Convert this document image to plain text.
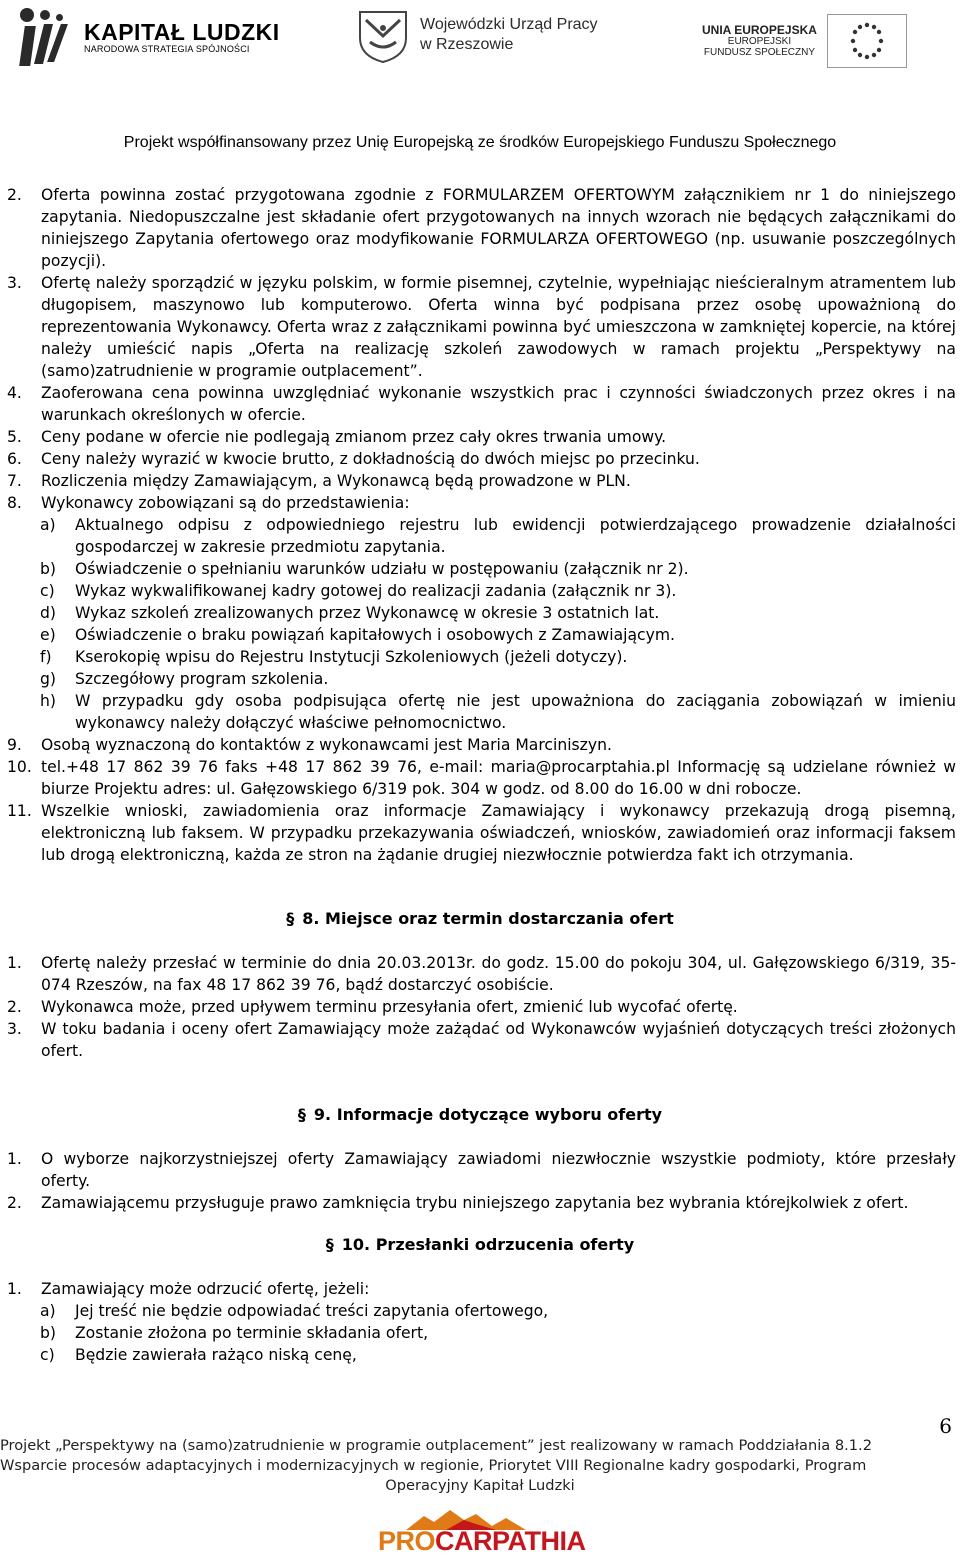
KAPITAŁ LUDZKI
NARODOWA STRATEGIA SPÓJNOŚCI
Wojewódzki Urząd Pracy
w Rzeszowie
UNIA EUROPEJSKA
EUROPEJSKI
FUNDUSZ SPOŁECZNY
Projekt współfinansowany przez Unię Europejską ze środków Europejskiego Funduszu Społecznego
2. Oferta powinna zostać przygotowana zgodnie z FORMULARZEM OFERTOWYM załącznikiem nr 1 do niniejszego zapytania. Niedopuszczalne jest składanie ofert przygotowanych na innych wzorach nie będących załącznikami do niniejszego Zapytania ofertowego oraz modyfikowanie FORMULARZA OFERTOWEGO (np. usuwanie poszczególnych pozycji).
3. Ofertę należy sporządzić w języku polskim, w formie pisemnej, czytelnie, wypełniając nieścieralnym atramentem lub długopisem, maszynowo lub komputerowo. Oferta winna być podpisana przez osobę upoważnioną do reprezentowania Wykonawcy. Oferta wraz z załącznikami powinna być umieszczona w zamkniętej kopercie, na której należy umieścić napis „Oferta na realizację szkoleń zawodowych w ramach projektu „Perspektywy na (samo)zatrudnienie w programie outplacement”.
4. Zaoferowana cena powinna uwzględniać wykonanie wszystkich prac i czynności świadczonych przez okres i na warunkach określonych w ofercie.
5. Ceny podane w ofercie nie podlegają zmianom przez cały okres trwania umowy.
6. Ceny należy wyrazić w kwocie brutto, z dokładnością do dwóch miejsc po przecinku.
7. Rozliczenia między Zamawiającym, a Wykonawcą będą prowadzone w PLN.
8. Wykonawcy zobowiązani są do przedstawienia:
a) Aktualnego odpisu z odpowiedniego rejestru lub ewidencji potwierdzającego prowadzenie działalności gospodarczej w zakresie przedmiotu zapytania.
b) Oświadczenie o spełnianiu warunków udziału w postępowaniu (załącznik nr 2).
c) Wykaz wykwalifikowanej kadry gotowej do realizacji zadania (załącznik nr 3).
d) Wykaz szkoleń zrealizowanych przez Wykonawcę w okresie 3 ostatnich lat.
e) Oświadczenie o braku powiązań kapitałowych i osobowych z Zamawiającym.
f) Kserokopię wpisu do Rejestru Instytucji Szkoleniowych (jeżeli dotyczy).
g) Szczegółowy program szkolenia.
h) W przypadku gdy osoba podpisująca ofertę nie jest upoważniona do zaciągania zobowiązań w imieniu wykonawcy należy dołączyć właściwe pełnomocnictwo.
9. Osobą wyznaczoną do kontaktów z wykonawcami jest Maria Marciniszyn.
10. tel.+48 17 862 39 76 faks +48 17 862 39 76, e-mail: maria@procarptahia.pl Informację są udzielane również w biurze Projektu adres: ul. Gałęzowskiego 6/319 pok. 304 w godz. od 8.00 do 16.00 w dni robocze.
11. Wszelkie wnioski, zawiadomienia oraz informacje Zamawiający i wykonawcy przekazują drogą pisemną, elektroniczną lub faksem. W przypadku przekazywania oświadczeń, wniosków, zawiadomień oraz informacji faksem lub drogą elektroniczną, każda ze stron na żądanie drugiej niezwłocznie potwierdza fakt ich otrzymania.
§ 8. Miejsce oraz termin dostarczania ofert
1. Ofertę należy przesłać w terminie do dnia 20.03.2013r. do godz. 15.00 do pokoju 304, ul. Gałęzowskiego 6/319, 35-074 Rzeszów, na fax 48 17 862 39 76, bądź dostarczyć osobiście.
2. Wykonawca może, przed upływem terminu przesyłania ofert, zmienić lub wycofać ofertę.
3. W toku badania i oceny ofert Zamawiający może zażądać od Wykonawców wyjaśnień dotyczących treści złożonych ofert.
§ 9. Informacje dotyczące wyboru oferty
1. O wyborze najkorzystniejszej oferty Zamawiający zawiadomi niezwłocznie wszystkie podmioty, które przesłały oferty.
2. Zamawiającemu przysługuje prawo zamknięcia trybu niniejszego zapytania bez wybrania którejkolwiek z ofert.
§ 10. Przesłanki odrzucenia oferty
1. Zamawiający może odrzucić ofertę, jeżeli:
a) Jej treść nie będzie odpowiadać treści zapytania ofertowego,
b) Zostanie złożona po terminie składania ofert,
c) Będzie zawierała rażąco niską cenę,
6
Projekt „Perspektywy na (samo)zatrudnienie w programie outplacement” jest realizowany w ramach Poddziałania 8.1.2
Wsparcie procesów adaptacyjnych i modernizacyjnych w regionie, Priorytet VIII Regionalne kadry gospodarki, Program
Operacyjny Kapitał Ludzki
PROCARPATHIA
